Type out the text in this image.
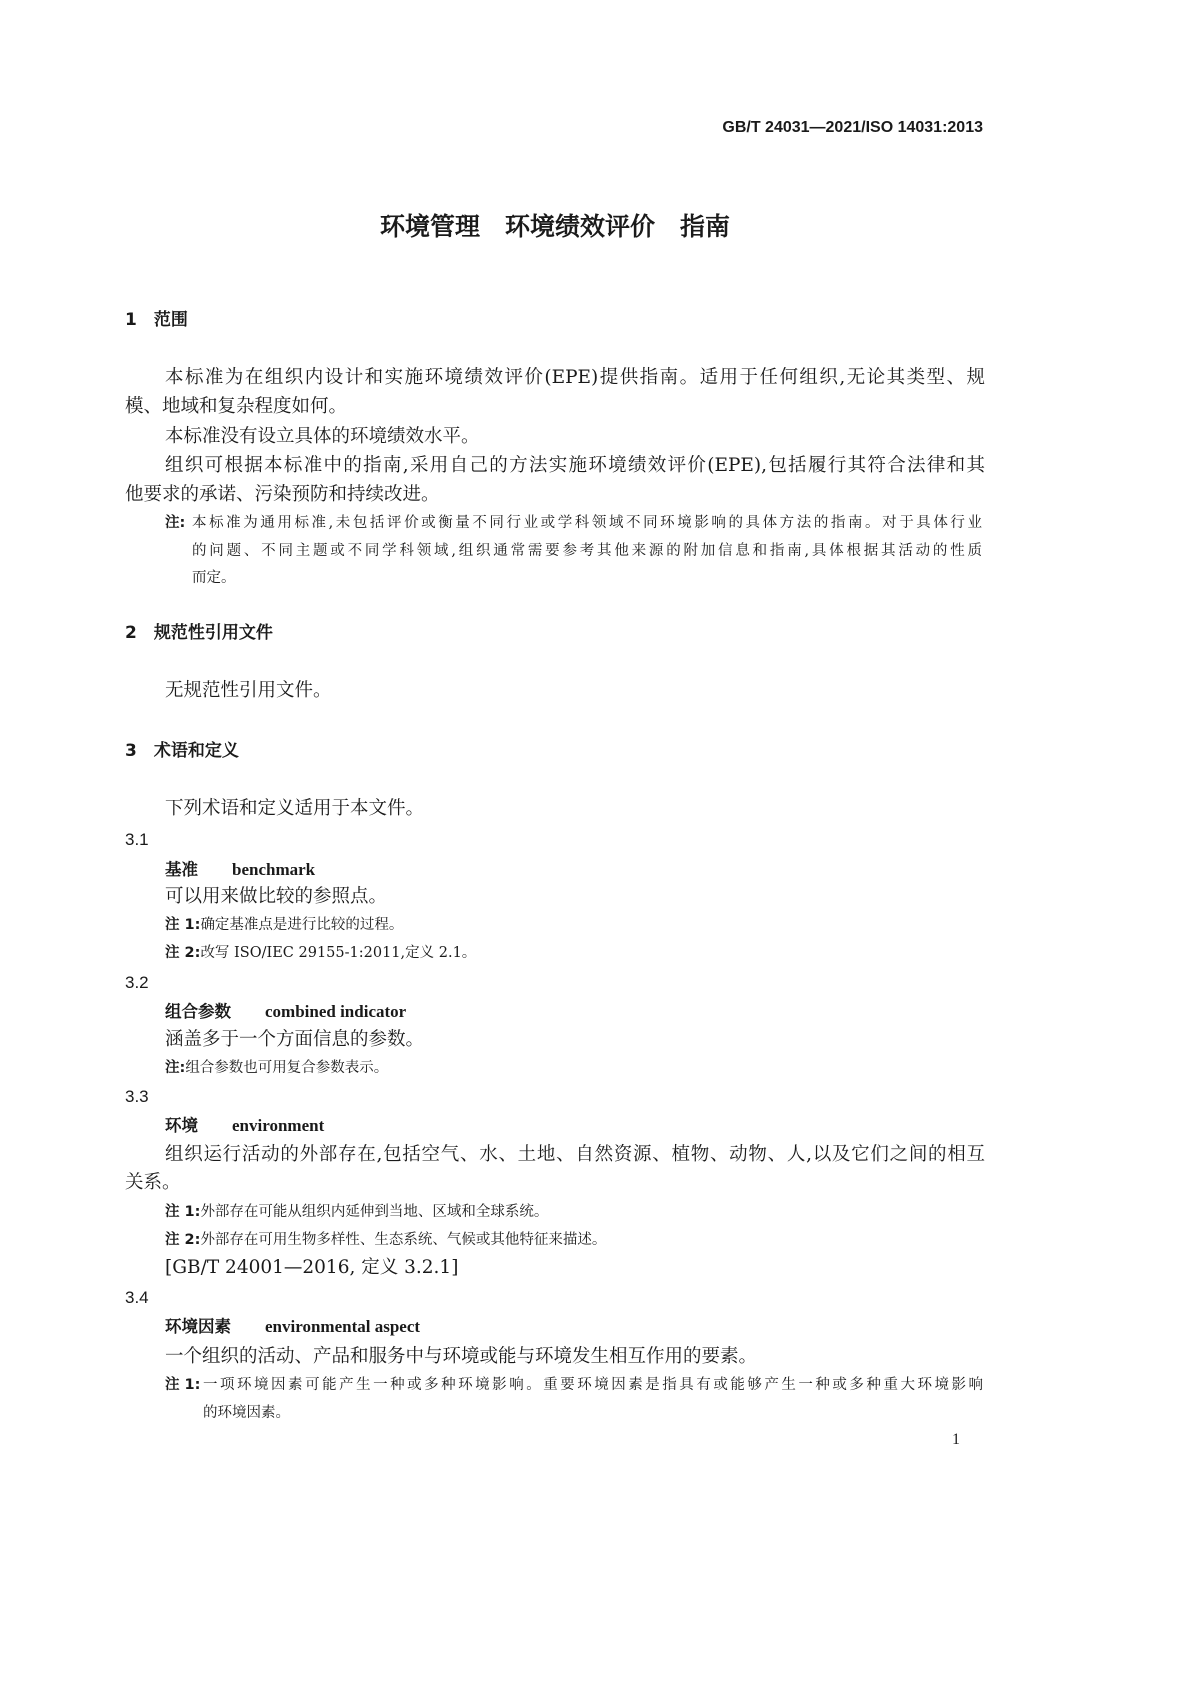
GB/T 24031—2021/ISO 14031:2013
环境管理　环境绩效评价　指南
1　 范围
本标准为在组织内设计和实施环境绩效评价(EPE)提供指南。适用于任何组织,无论其类型、规
模、地域和复杂程度如何。
本标准没有设立具体的环境绩效水平。
组织可根据本标准中的指南,采用自己的方法实施环境绩效评价(EPE),包括履行其符合法律和其
他要求的承诺、污染预防和持续改进。
注: 本标准为通用标准,未包括评价或衡量不同行业或学科领域不同环境影响的具体方法的指南。对于具体行业
的问题、不同主题或不同学科领域,组织通常需要参考其他来源的附加信息和指南,具体根据其活动的性质
而定。
2　 规范性引用文件
无规范性引用文件。
3　 术语和定义
下列术语和定义适用于本文件。
3.1
基准 benchmark
可以用来做比较的参照点。
注 1:确定基准点是进行比较的过程。
注 2:改写 ISO/IEC 29155-1:2011,定义 2.1。
3.2
组合参数 combined indicator
涵盖多于一个方面信息的参数。
注:组合参数也可用复合参数表示。
3.3
环境 environment
组织运行活动的外部存在,包括空气、水、土地、自然资源、植物、动物、人,以及它们之间的相互
关系。
注 1:外部存在可能从组织内延伸到当地、区域和全球系统。
注 2:外部存在可用生物多样性、生态系统、气候或其他特征来描述。
[GB/T 24001—2016, 定义 3.2.1]
3.4
环境因素 environmental aspect
一个组织的活动、产品和服务中与环境或能与环境发生相互作用的要素。
注 1: 一项环境因素可能产生一种或多种环境影响。重要环境因素是指具有或能够产生一种或多种重大环境影响
的环境因素。
1
